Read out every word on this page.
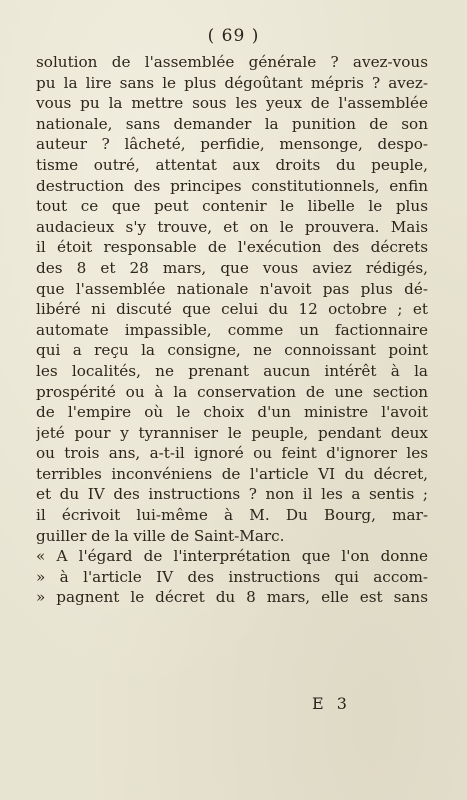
( 69 )
solution de l'assemblée générale ? avez-vous
pu la lire sans le plus dégoûtant mépris ? avez-
vous pu la mettre sous les yeux de l'assemblée
nationale, sans demander la punition de son
auteur ? lâcheté, perfidie, mensonge, despo-
tisme outré, attentat aux droits du peuple,
destruction des principes constitutionnels, enfin
tout ce que peut contenir le libelle le plus
audacieux s'y trouve, et on le prouvera. Mais
il étoit responsable de l'exécution des décrets
des 8 et 28 mars, que vous aviez rédigés,
que l'assemblée nationale n'avoit pas plus dé-
libéré ni discuté que celui du 12 octobre ; et
automate impassible, comme un factionnaire
qui a reçu la consigne, ne connoissant point
les localités, ne prenant aucun intérêt à la
prospérité ou à la conservation de une section
de l'empire où le choix d'un ministre l'avoit
jeté pour y tyranniser le peuple, pendant deux
ou trois ans, a-t-il ignoré ou feint d'ignorer les
terribles inconvéniens de l'article VI du décret,
et du IV des instructions ? non il les a sentis ;
il écrivoit lui-même à M. Du Bourg, mar-
guiller de la ville de Saint-Marc.
« A l'égard de l'interprétation que l'on donne
» à l'article IV des instructions qui accom-
» pagnent le décret du 8 mars, elle est sans
E 3
